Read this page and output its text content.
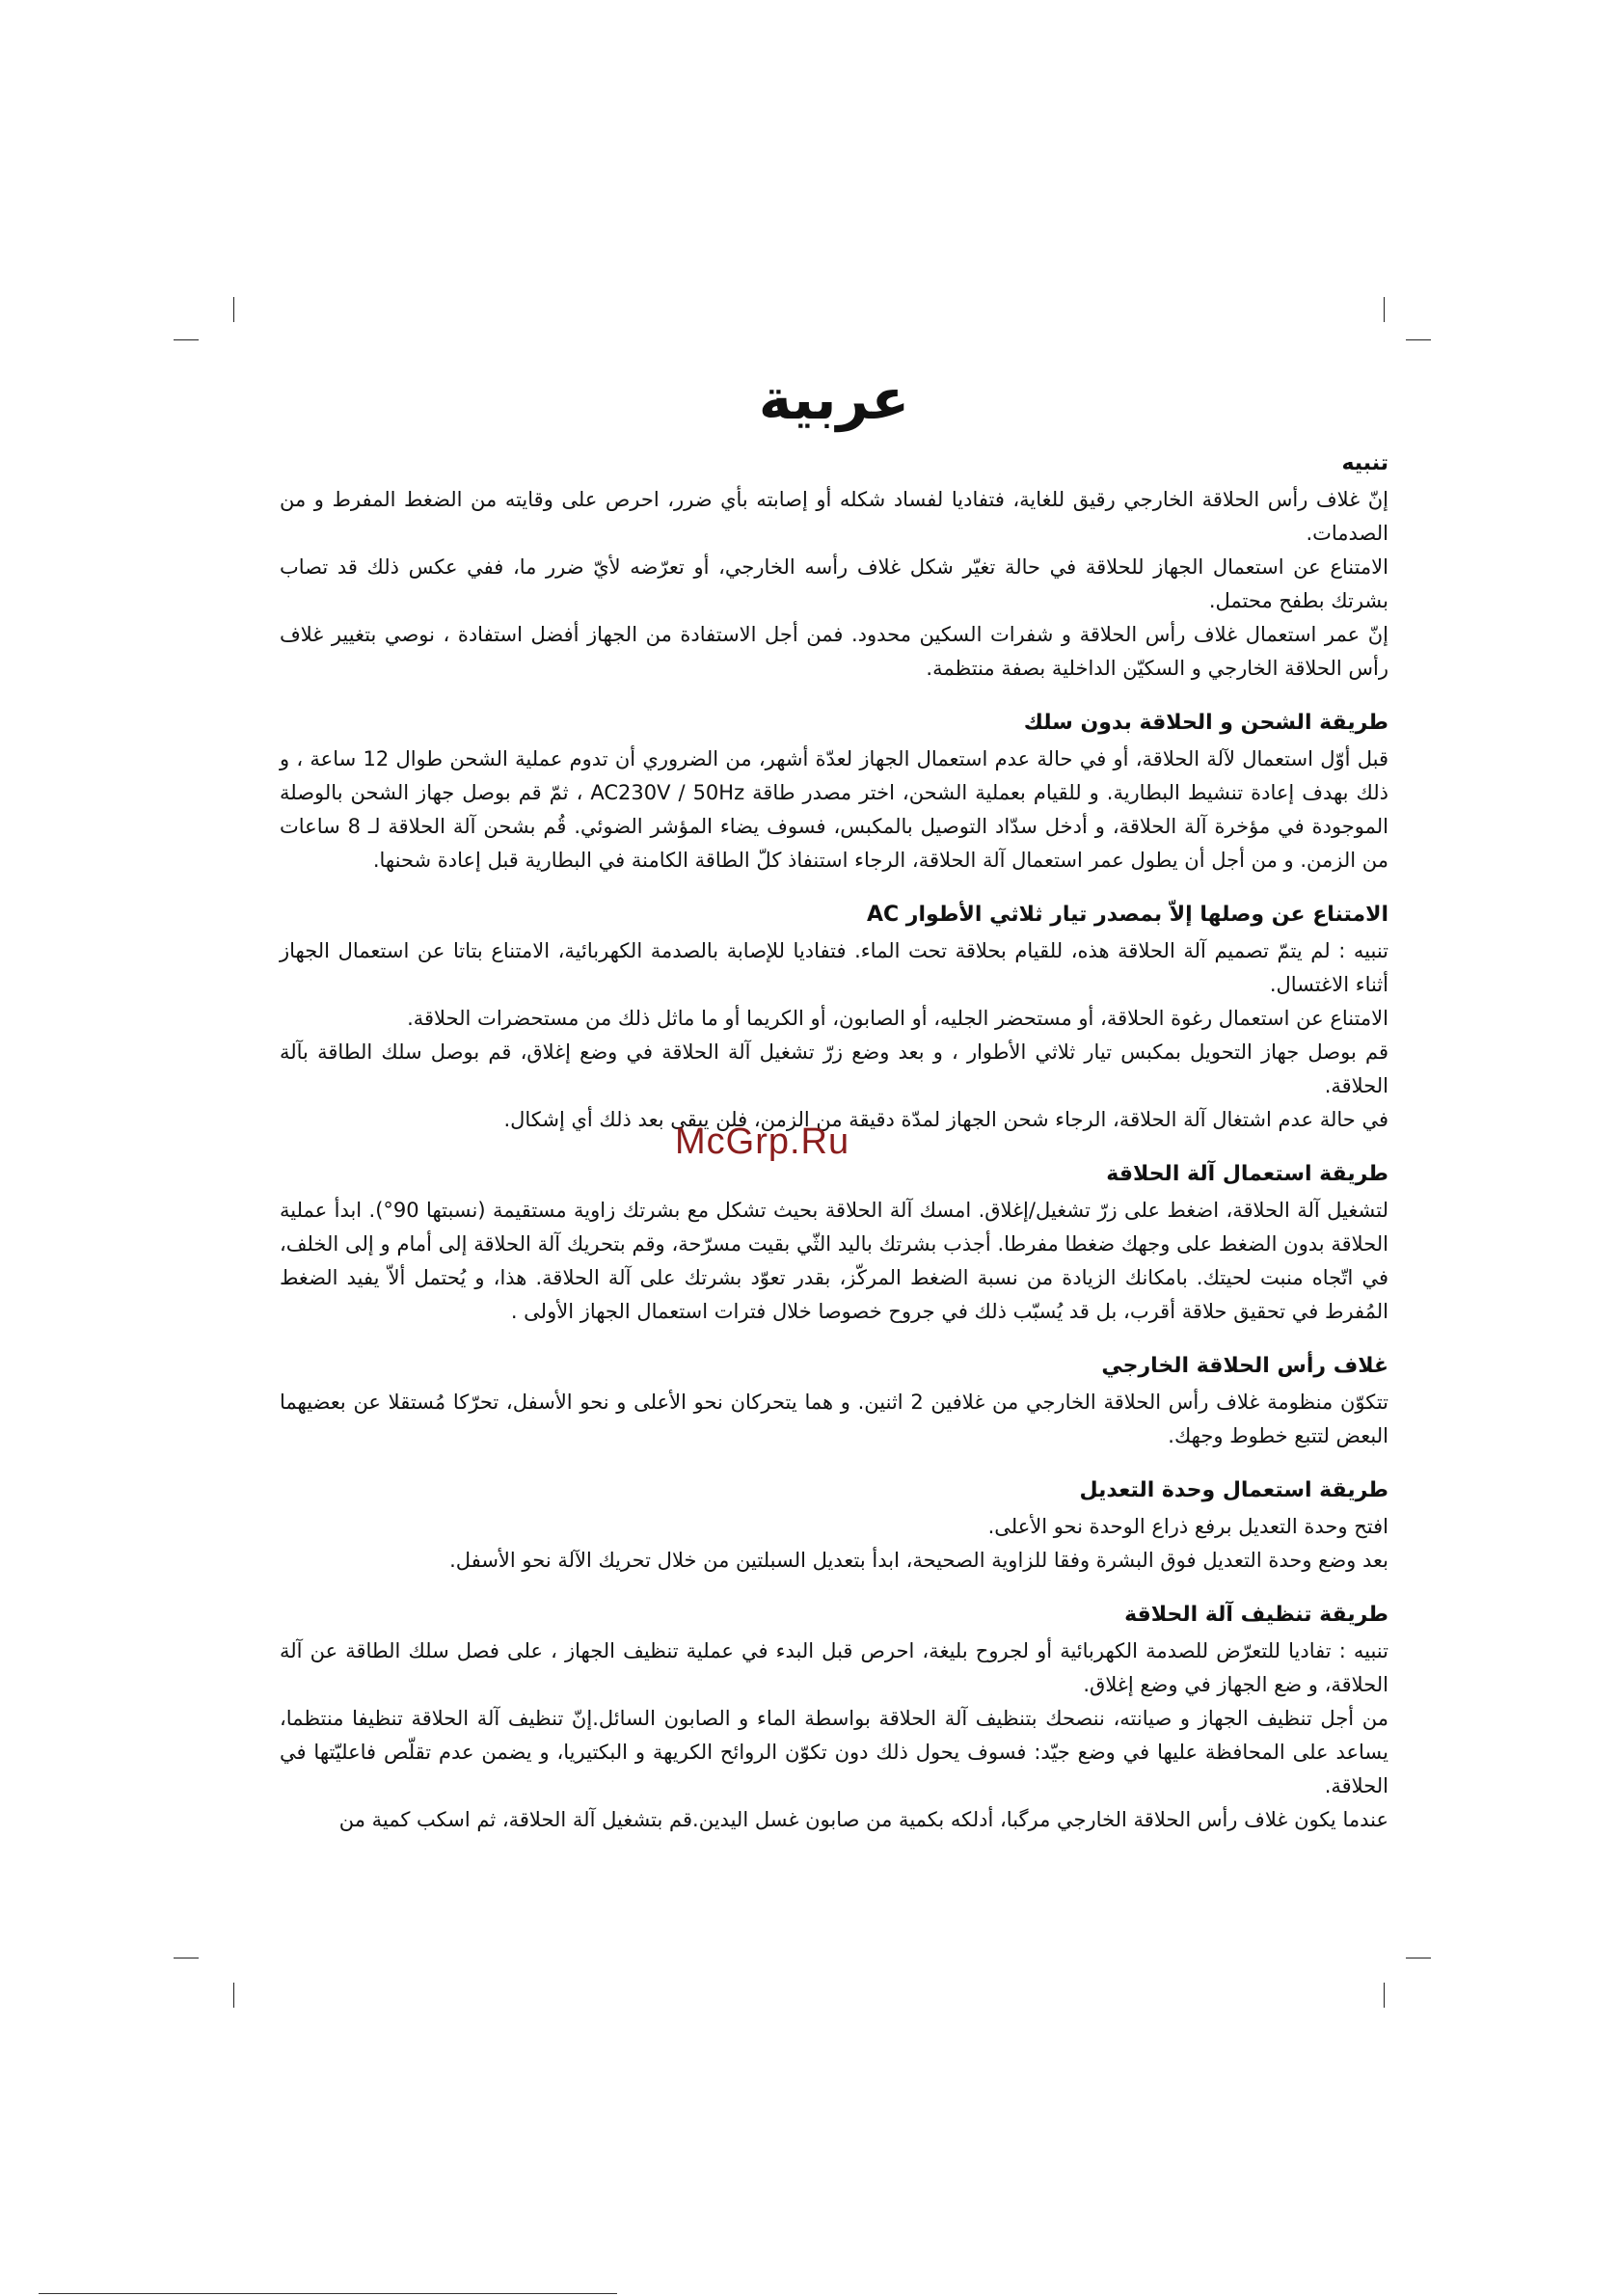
عربية
تنبيه

إنّ غلاف رأس الحلاقة الخارجي رقيق للغاية، فتفاديا لفساد شكله أو إصابته بأي ضرر، احرص على وقايته من الضغط المفرط و من الصدمات.

الامتناع عن استعمال الجهاز للحلاقة في حالة تغيّر شكل غلاف رأسه الخارجي، أو تعرّضه لأيّ ضرر ما، ففي عكس ذلك قد تصاب بشرتك بطفح محتمل.

إنّ عمر استعمال غلاف رأس الحلاقة و شفرات السكين محدود. فمن أجل الاستفادة من الجهاز أفضل استفادة ، نوصي بتغيير غلاف رأس الحلاقة الخارجي و السكيّن الداخلية بصفة منتظمة.

طريقة الشحن و الحلاقة بدون سلك

قبل أوّل استعمال لآلة الحلاقة، أو في حالة عدم استعمال الجهاز لعدّة أشهر، من الضروري أن تدوم عملية الشحن طوال 12 ساعة ، و ذلك بهدف إعادة تنشيط البطارية. و للقيام بعملية الشحن، اختر مصدر طاقة AC230V / 50Hz ، ثمّ قم بوصل جهاز الشحن بالوصلة الموجودة في مؤخرة آلة الحلاقة، و أدخل سدّاد التوصيل بالمكبس، فسوف يضاء المؤشر الضوئي. قُم بشحن آلة الحلاقة لـ 8 ساعات من الزمن. و من أجل أن يطول عمر استعمال آلة الحلاقة، الرجاء استنفاذ كلّ الطاقة الكامنة في البطارية قبل إعادة شحنها.

الامتناع عن وصلها إلاّ بمصدر تيار ثلاثي الأطوار AC

تنبيه : لم يتمّ تصميم آلة الحلاقة هذه، للقيام بحلاقة تحت الماء. فتفاديا للإصابة بالصدمة الكهربائية، الامتناع بتاتا عن استعمال الجهاز أثناء الاغتسال.

الامتناع عن استعمال رغوة الحلاقة، أو مستحضر الجليه، أو الصابون، أو الكريما أو ما ماثل ذلك من مستحضرات الحلاقة.

قم بوصل جهاز التحويل بمكبس تيار ثلاثي الأطوار ، و بعد وضع زرّ تشغيل آلة الحلاقة في وضع إغلاق، قم بوصل سلك الطاقة بآلة الحلاقة.

في حالة عدم اشتغال آلة الحلاقة، الرجاء شحن الجهاز لمدّة دقيقة من الزمن، فلن يبقى بعد ذلك أي إشكال.

طريقة استعمال آلة الحلاقة

لتشغيل آلة الحلاقة، اضغط على زرّ تشغيل/إغلاق. امسك آلة الحلاقة بحيث تشكل مع بشرتك زاوية مستقيمة (نسبتها 90°). ابدأ عملية الحلاقة بدون الضغط على وجهك ضغطا مفرطا. أجذب بشرتك باليد الثّي بقيت مسرّحة، وقم بتحريك آلة الحلاقة إلى أمام و إلى الخلف، في اتّجاه منبت لحيتك. بامكانك الزيادة من نسبة الضغط المركّز، بقدر تعوّد بشرتك على آلة الحلاقة. هذا، و يُحتمل ألاّ يفيد الضغط المُفرط في تحقيق حلاقة أقرب، بل قد يُسبّب ذلك في جروح خصوصا خلال فترات استعمال الجهاز الأولى .

غلاف رأس الحلاقة الخارجي

تتكوّن منظومة غلاف رأس الحلاقة الخارجي من غلافين 2 اثنين. و هما يتحركان نحو الأعلى و نحو الأسفل، تحرّكا مُستقلا عن بعضيهما البعض لتتبع خطوط وجهك.

طريقة استعمال وحدة التعديل

افتح وحدة التعديل برفع ذراع الوحدة نحو الأعلى.

بعد وضع وحدة التعديل فوق البشرة وفقا للزاوية الصحيحة، ابدأ بتعديل السبلتين من خلال تحريك الآلة نحو الأسفل.

طريقة تنظيف آلة الحلاقة

تنبيه : تفاديا للتعرّض للصدمة الكهربائية أو لجروح بليغة، احرص قبل البدء في عملية تنظيف الجهاز ، على فصل سلك الطاقة عن آلة الحلاقة، و ضع الجهاز في وضع إغلاق.

من أجل تنظيف الجهاز و صيانته، ننصحك بتنظيف آلة الحلاقة بواسطة الماء و الصابون السائل.إنّ تنظيف آلة الحلاقة تنظيفا منتظما، يساعد على المحافظة عليها في وضع جيّد: فسوف يحول ذلك دون تكوّن الروائح الكريهة و البكتيريا، و يضمن عدم تقلّص فاعليّتها في الحلاقة.

عندما يكون غلاف رأس الحلاقة الخارجي مرگبا، أدلكه بكمية من صابون غسل اليدين.قم بتشغيل آلة الحلاقة، ثم اسكب كمية من

McGrp.Ru
